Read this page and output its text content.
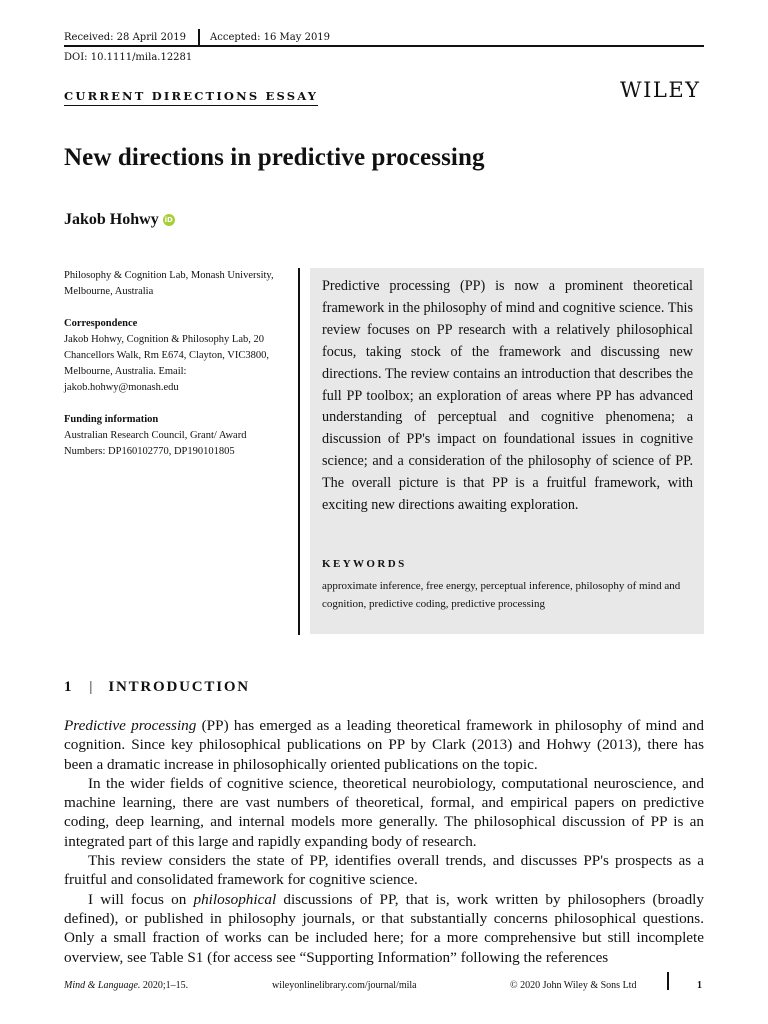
Received: 28 April 2019 Accepted: 16 May 2019
DOI: 10.1111/mila.12281
CURRENT DIRECTIONS ESSAY	WILEY
New directions in predictive processing
Jakob Hohwy iD

Philosophy & Cognition Lab, Monash University, Melbourne, Australia

Correspondence

Jakob Hohwy, Cognition & Philosophy Lab, 20 Chancellors Walk, Rm E674, Clayton, VIC3800, Melbourne, Australia. Email: jakob.hohwy@monash.edu

Funding information

Australian Research Council, Grant/ Award Numbers: DP160102770, DP190101805

Predictive processing (PP) is now a prominent theoretical framework in the philosophy of mind and cognitive science. This review focuses on PP research with a relatively philosophical focus, taking stock of the framework and discussing new directions. The review contains an introduction that describes the full PP toolbox; an exploration of areas where PP has advanced understanding of perceptual and cognitive phenomena; a discussion of PP's impact on foundational issues in cognitive science; and a consideration of the philosophy of science of PP. The overall picture is that PP is a fruitful framework, with exciting new directions awaiting exploration.
KEYWORDS
approximate inference, free energy, perceptual inference, philosophy of mind and cognition, predictive coding, predictive processing
1 | INTRODUCTION

Predictive processing (PP) has emerged as a leading theoretical framework in philosophy of mind and cognition. Since key philosophical publications on PP by Clark (2013) and Hohwy (2013), there has been a dramatic increase in philosophically oriented publications on the topic.

In the wider fields of cognitive science, theoretical neurobiology, computational neuroscience, and machine learning, there are vast numbers of theoretical, formal, and empirical papers on predictive coding, deep learning, and internal models more generally. The philosophical discussion of PP is an integrated part of this large and rapidly expanding body of research.

This review considers the state of PP, identifies overall trends, and discusses PP's prospects as a fruitful and consolidated framework for cognitive science.

I will focus on philosophical discussions of PP, that is, work written by philosophers (broadly defined), or published in philosophy journals, or that substantially concerns philosophical questions. Only a small fraction of works can be included here; for a more comprehensive but still incomplete overview, see Table S1 (for access see “Supporting Information” following the references

Mind & Language. 2020;1–15.	wileyonlinelibrary.com/journal/mila	© 2020 John Wiley & Sons Ltd	1
